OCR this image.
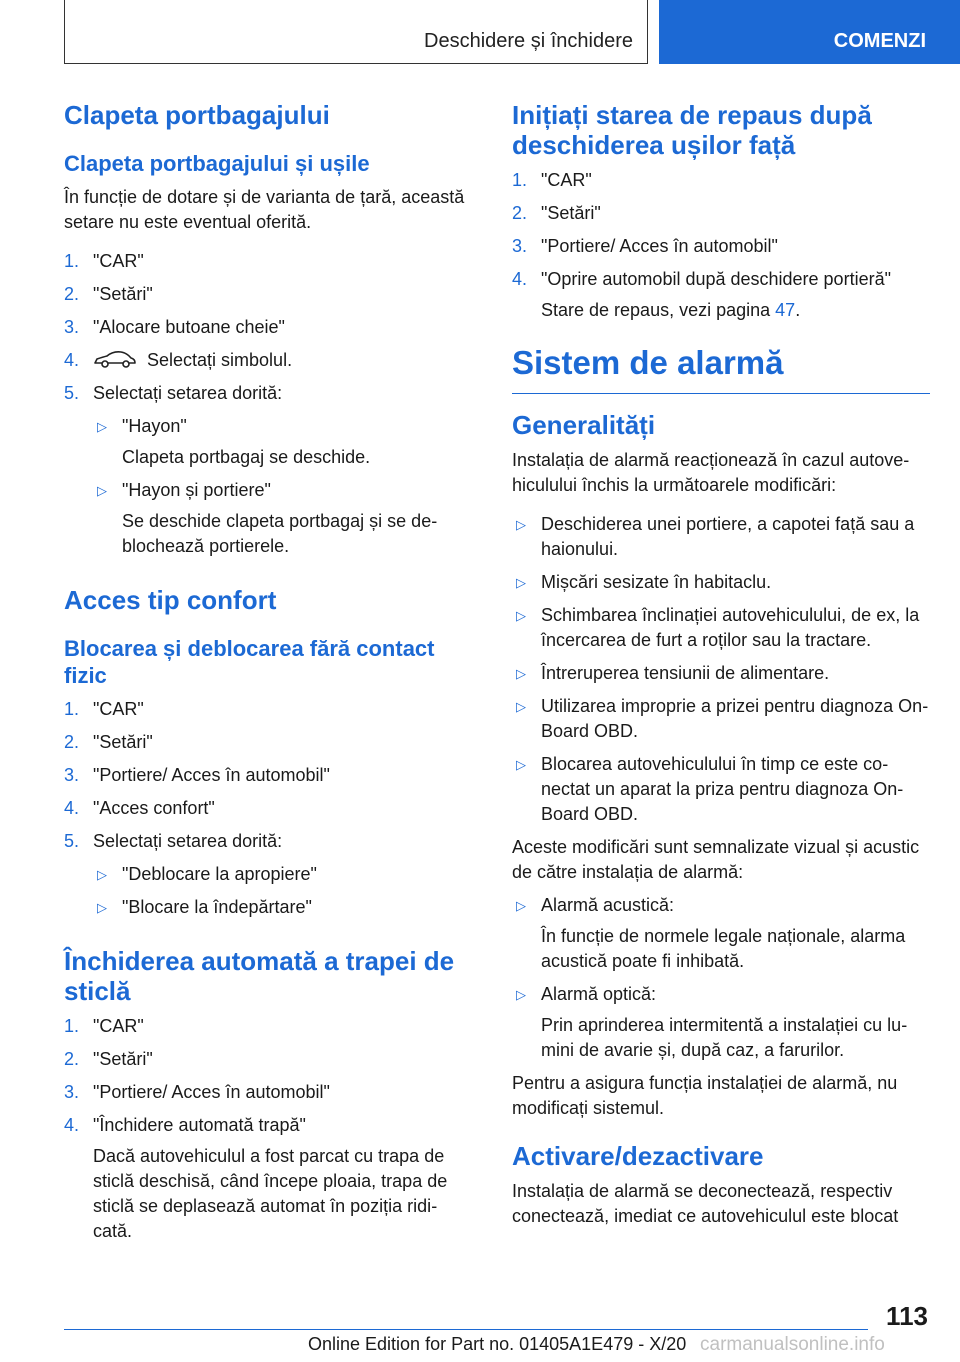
Deschidere și închidere	COMENZI
Clapeta portbagajului
Clapeta portbagajului și ușile

În funcție de dotare și de varianta de țară, această setare nu este eventual oferită.

1. "CAR"
2. "Setări"
3. "Alocare butoane cheie"
4.	Selectați simbolul.
5. Selectați setarea dorită:
▷ "Hayon"
Clapeta portbagaj se deschide.
▷ "Hayon și portiere"
Se deschide clapeta portbagaj și se deblochează portierele.
Acces tip confort
Blocarea și deblocarea fără contact fizic
1. "CAR"
2. "Setări"
3. "Portiere/ Acces în automobil"
4. "Acces confort"
5. Selectați setarea dorită:
▷ "Deblocare la apropiere"
▷ "Blocare la îndepărtare"
Închiderea automată a trapei de sticlă
1. "CAR"
2. "Setări"
3. "Portiere/ Acces în automobil"
4. "Închidere automată trapă"
Dacă autovehiculul a fost parcat cu trapa de sticlă deschisă, când începe ploaia, trapa de sticlă se deplasează automat în poziția ridicată.
Inițiați starea de repaus după deschiderea ușilor față
1. "CAR"
2. "Setări"
3. "Portiere/ Acces în automobil"
4. "Oprire automobil după deschidere portieră"
Stare de repaus, vezi pagina 47.
Sistem de alarmă
Generalități

Instalația de alarmă reacționează în cazul autovehiculului închis la următoarele modificări:

▷ Deschiderea unei portiere, a capotei față sau a haionului.
▷ Mișcări sesizate în habitaclu.
▷ Schimbarea înclinației autovehiculului, de ex, la încercarea de furt a roților sau la tractare.
▷ Întreruperea tensiunii de alimentare.
▷ Utilizarea improprie a prizei pentru diagnoza On-Board OBD.
▷ Blocarea autovehiculului în timp ce este conectat un aparat la priza pentru diagnoza On-Board OBD.

Aceste modificări sunt semnalizate vizual și acustic de către instalația de alarmă:

▷ Alarmă acustică:
În funcție de normele legale naționale, alarma acustică poate fi inhibată.
▷ Alarmă optică:
Prin aprinderea intermitentă a instalației cu lumini de avarie și, după caz, a farurilor.

Pentru a asigura funcția instalației de alarmă, nu modificați sistemul.

Activare/dezactivare

Instalația de alarmă se deconectează, respectiv conectează, imediat ce autovehiculul este blocat

113
Online Edition for Part no. 01405A1E479 - X/20 carmanualsonline.info
